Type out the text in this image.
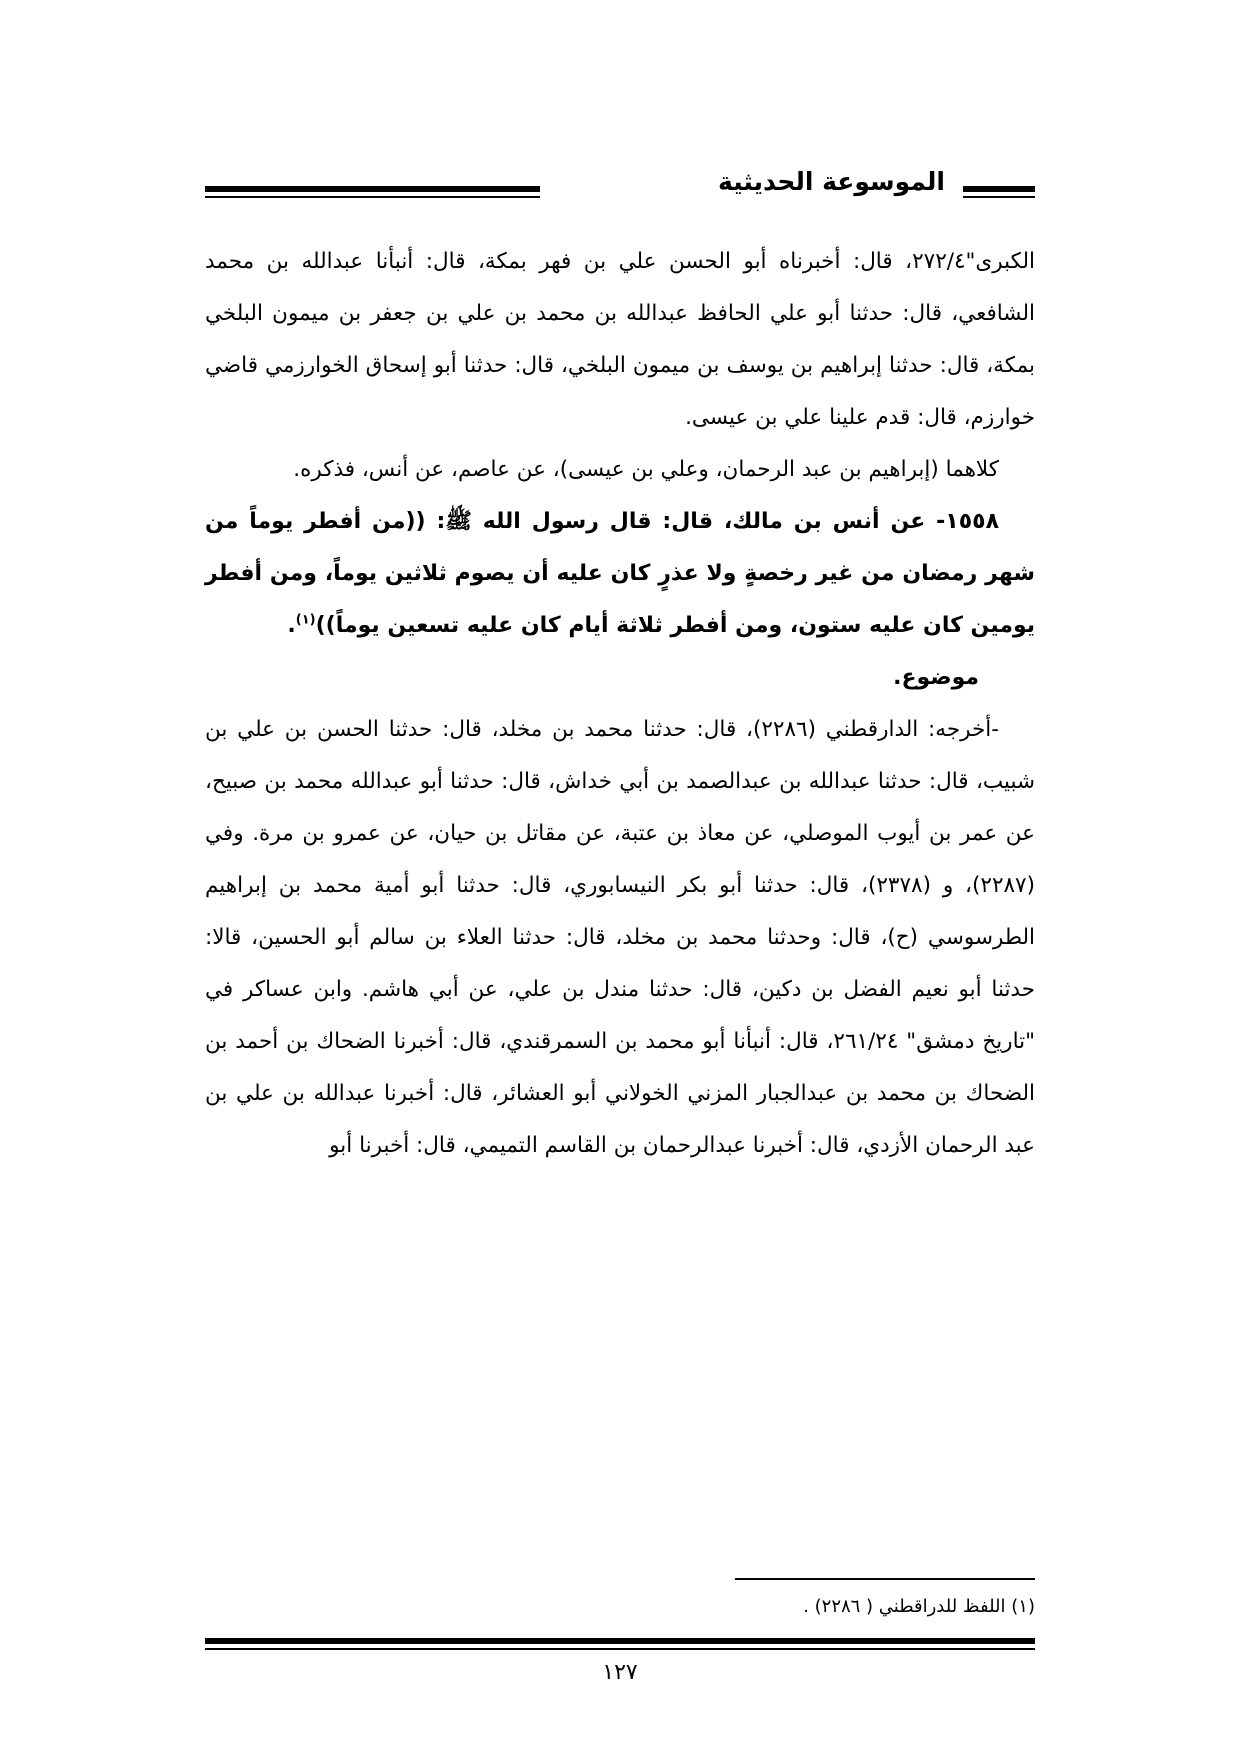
الموسوعة الحديثية

الكبرى"٢٧٢/٤، قال: أخبرناه أبو الحسن علي بن فهر بمكة، قال: أنبأنا عبدالله بن محمد الشافعي، قال: حدثنا أبو علي الحافظ عبدالله بن محمد بن علي بن جعفر بن ميمون البلخي بمكة، قال: حدثنا إبراهيم بن يوسف بن ميمون البلخي، قال: حدثنا أبو إسحاق الخوارزمي قاضي خوارزم، قال: قدم علينا علي بن عيسى.

كلاهما (إبراهيم بن عبد الرحمان، وعلي بن عيسى)، عن عاصم، عن أنس، فذكره.

١٥٥٨- عن أنس بن مالك، قال: قال رسول الله ﷺ: ((من أفطر يوماً من شهر رمضان من غير رخصةٍ ولا عذرٍ كان عليه أن يصوم ثلاثين يوماً، ومن أفطر يومين كان عليه ستون، ومن أفطر ثلاثة أيام كان عليه تسعين يوماً))$^{(١)}$.

موضوع.

-أخرجه: الدارقطني (٢٢٨٦)، قال: حدثنا محمد بن مخلد، قال: حدثنا الحسن بن علي بن شبيب، قال: حدثنا عبدالله بن عبدالصمد بن أبي خداش، قال: حدثنا أبو عبدالله محمد بن صبيح، عن عمر بن أيوب الموصلي، عن معاذ بن عتبة، عن مقاتل بن حيان، عن عمرو بن مرة. وفي (٢٢٨٧)، و (٢٣٧٨)، قال: حدثنا أبو بكر النيسابوري، قال: حدثنا أبو أمية محمد بن إبراهيم الطرسوسي (ح)، قال: وحدثنا محمد بن مخلد، قال: حدثنا العلاء بن سالم أبو الحسين، قالا: حدثنا أبو نعيم الفضل بن دكين، قال: حدثنا مندل بن علي، عن أبي هاشم. وابن عساكر في "تاريخ دمشق" ٢٦١/٢٤، قال: أنبأنا أبو محمد بن السمرقندي، قال: أخبرنا الضحاك بن أحمد بن الضحاك بن محمد بن عبدالجبار المزني الخولاني أبو العشائر، قال: أخبرنا عبدالله بن علي بن عبد الرحمان الأزدي، قال: أخبرنا عبدالرحمان بن القاسم التميمي، قال: أخبرنا أبو

(١) اللفظ للدراقطني ( ٢٢٨٦) .
١٢٧
